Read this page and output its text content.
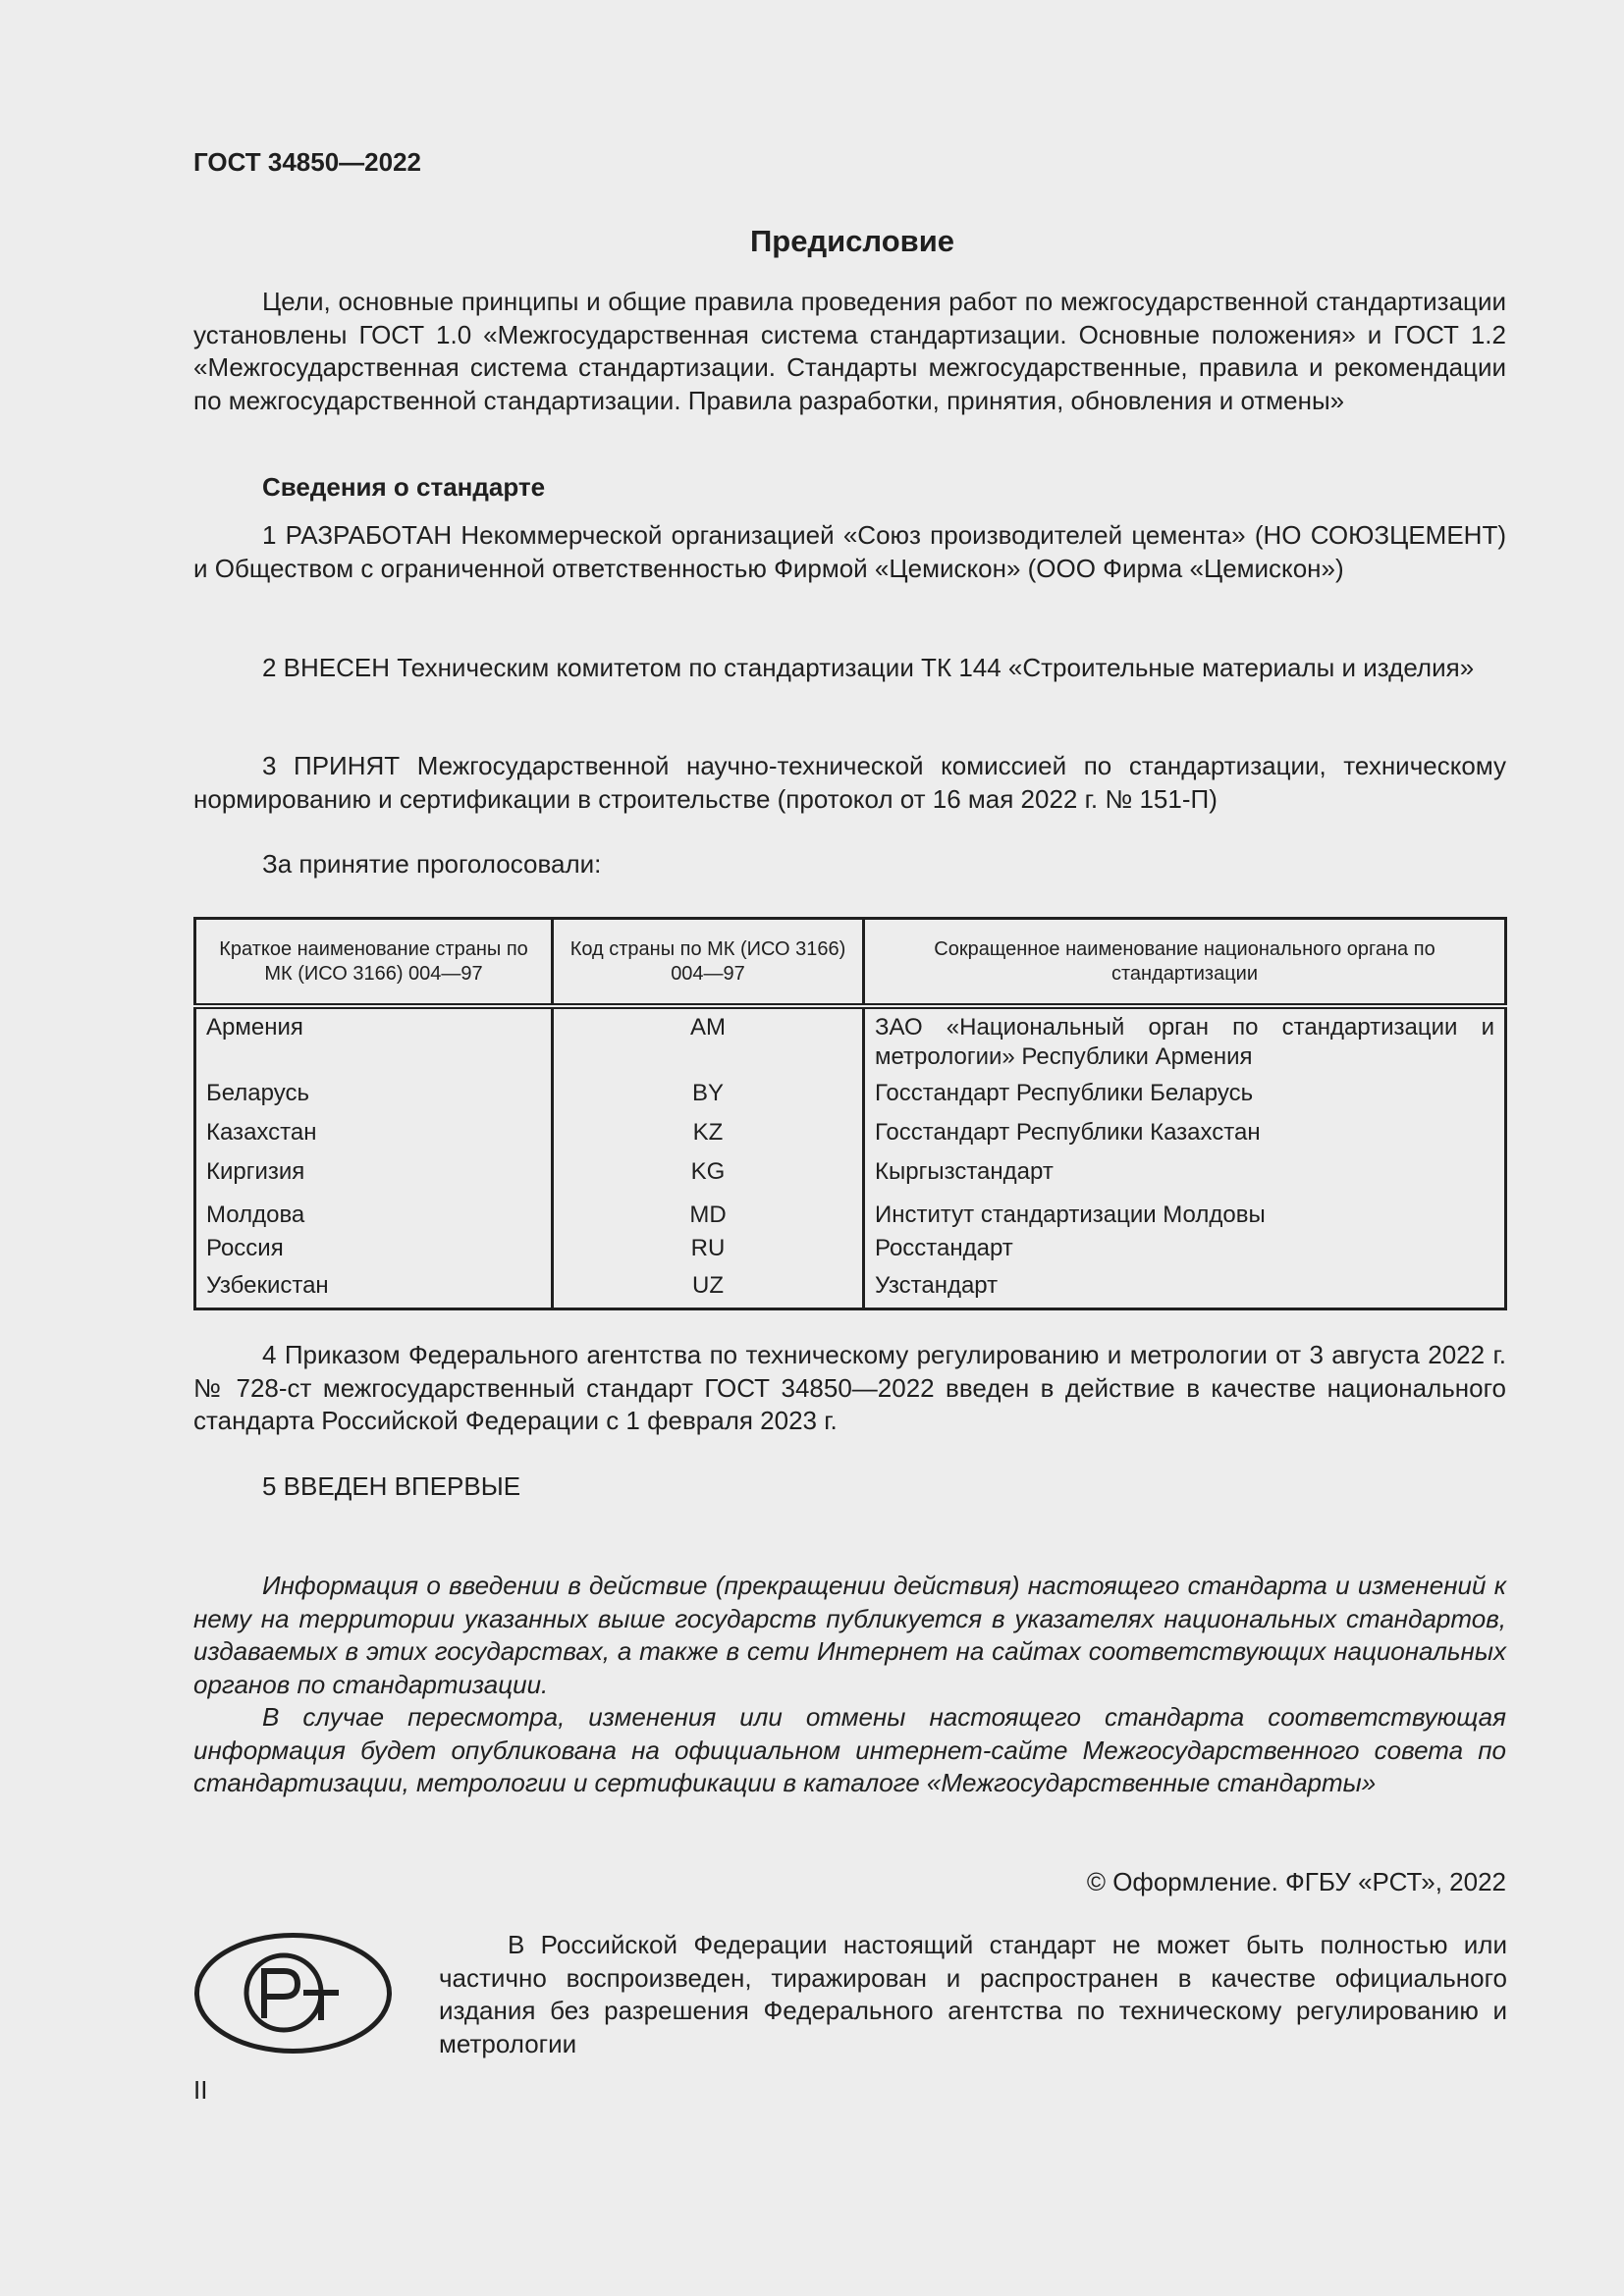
ГОСТ 34850—2022
Предисловие

Цели, основные принципы и общие правила проведения работ по межгосударственной стандартизации установлены ГОСТ 1.0 «Межгосударственная система стандартизации. Основные положения» и ГОСТ 1.2 «Межгосударственная система стандартизации. Стандарты межгосударственные, правила и рекомендации по межгосударственной стандартизации. Правила разработки, принятия, обновления и отмены»

Сведения о стандарте

1 РАЗРАБОТАН Некоммерческой организацией «Союз производителей цемента» (НО СОЮЗЦЕМЕНТ) и Обществом с ограниченной ответственностью Фирмой «Цемискон» (ООО Фирма «Цемискон»)

2 ВНЕСЕН Техническим комитетом по стандартизации ТК 144 «Строительные материалы и изделия»

3 ПРИНЯТ Межгосударственной научно-технической комиссией по стандартизации, техническому нормированию и сертификации в строительстве (протокол от 16 мая 2022 г. № 151-П)

За принятие проголосовали:

Краткое наименование страны по МК (ИСО 3166) 004—97	Код страны по МК (ИСО 3166) 004—97	Сокращенное наименование национального органа по стандартизации
Армения	AM	ЗАО «Национальный орган по стандартизации и метрологии» Республики Армения
Беларусь	BY	Госстандарт Республики Беларусь
Казахстан	KZ	Госстандарт Республики Казахстан
Киргизия	KG	Кыргызстандарт
Молдова	MD	Институт стандартизации Молдовы
Россия	RU	Росстандарт
Узбекистан	UZ	Узстандарт

4 Приказом Федерального агентства по техническому регулированию и метрологии от 3 августа 2022 г. № 728-ст межгосударственный стандарт ГОСТ 34850—2022 введен в действие в качестве национального стандарта Российской Федерации с 1 февраля 2023 г.

5 ВВЕДЕН ВПЕРВЫЕ

Информация о введении в действие (прекращении действия) настоящего стандарта и изменений к нему на территории указанных выше государств публикуется в указателях национальных стандартов, издаваемых в этих государствах, а также в сети Интернет на сайтах соответствующих национальных органов по стандартизации.

В случае пересмотра, изменения или отмены настоящего стандарта соответствующая информация будет опубликована на официальном интернет-сайте Межгосударственного совета по стандартизации, метрологии и сертификации в каталоге «Межгосударственные стандарты»

© Оформление. ФГБУ «РСТ», 2022

В Российской Федерации настоящий стандарт не может быть полностью или частично воспроизведен, тиражирован и распространен в качестве официального издания без разрешения Федерального агентства по техническому регулированию и метрологии

II
